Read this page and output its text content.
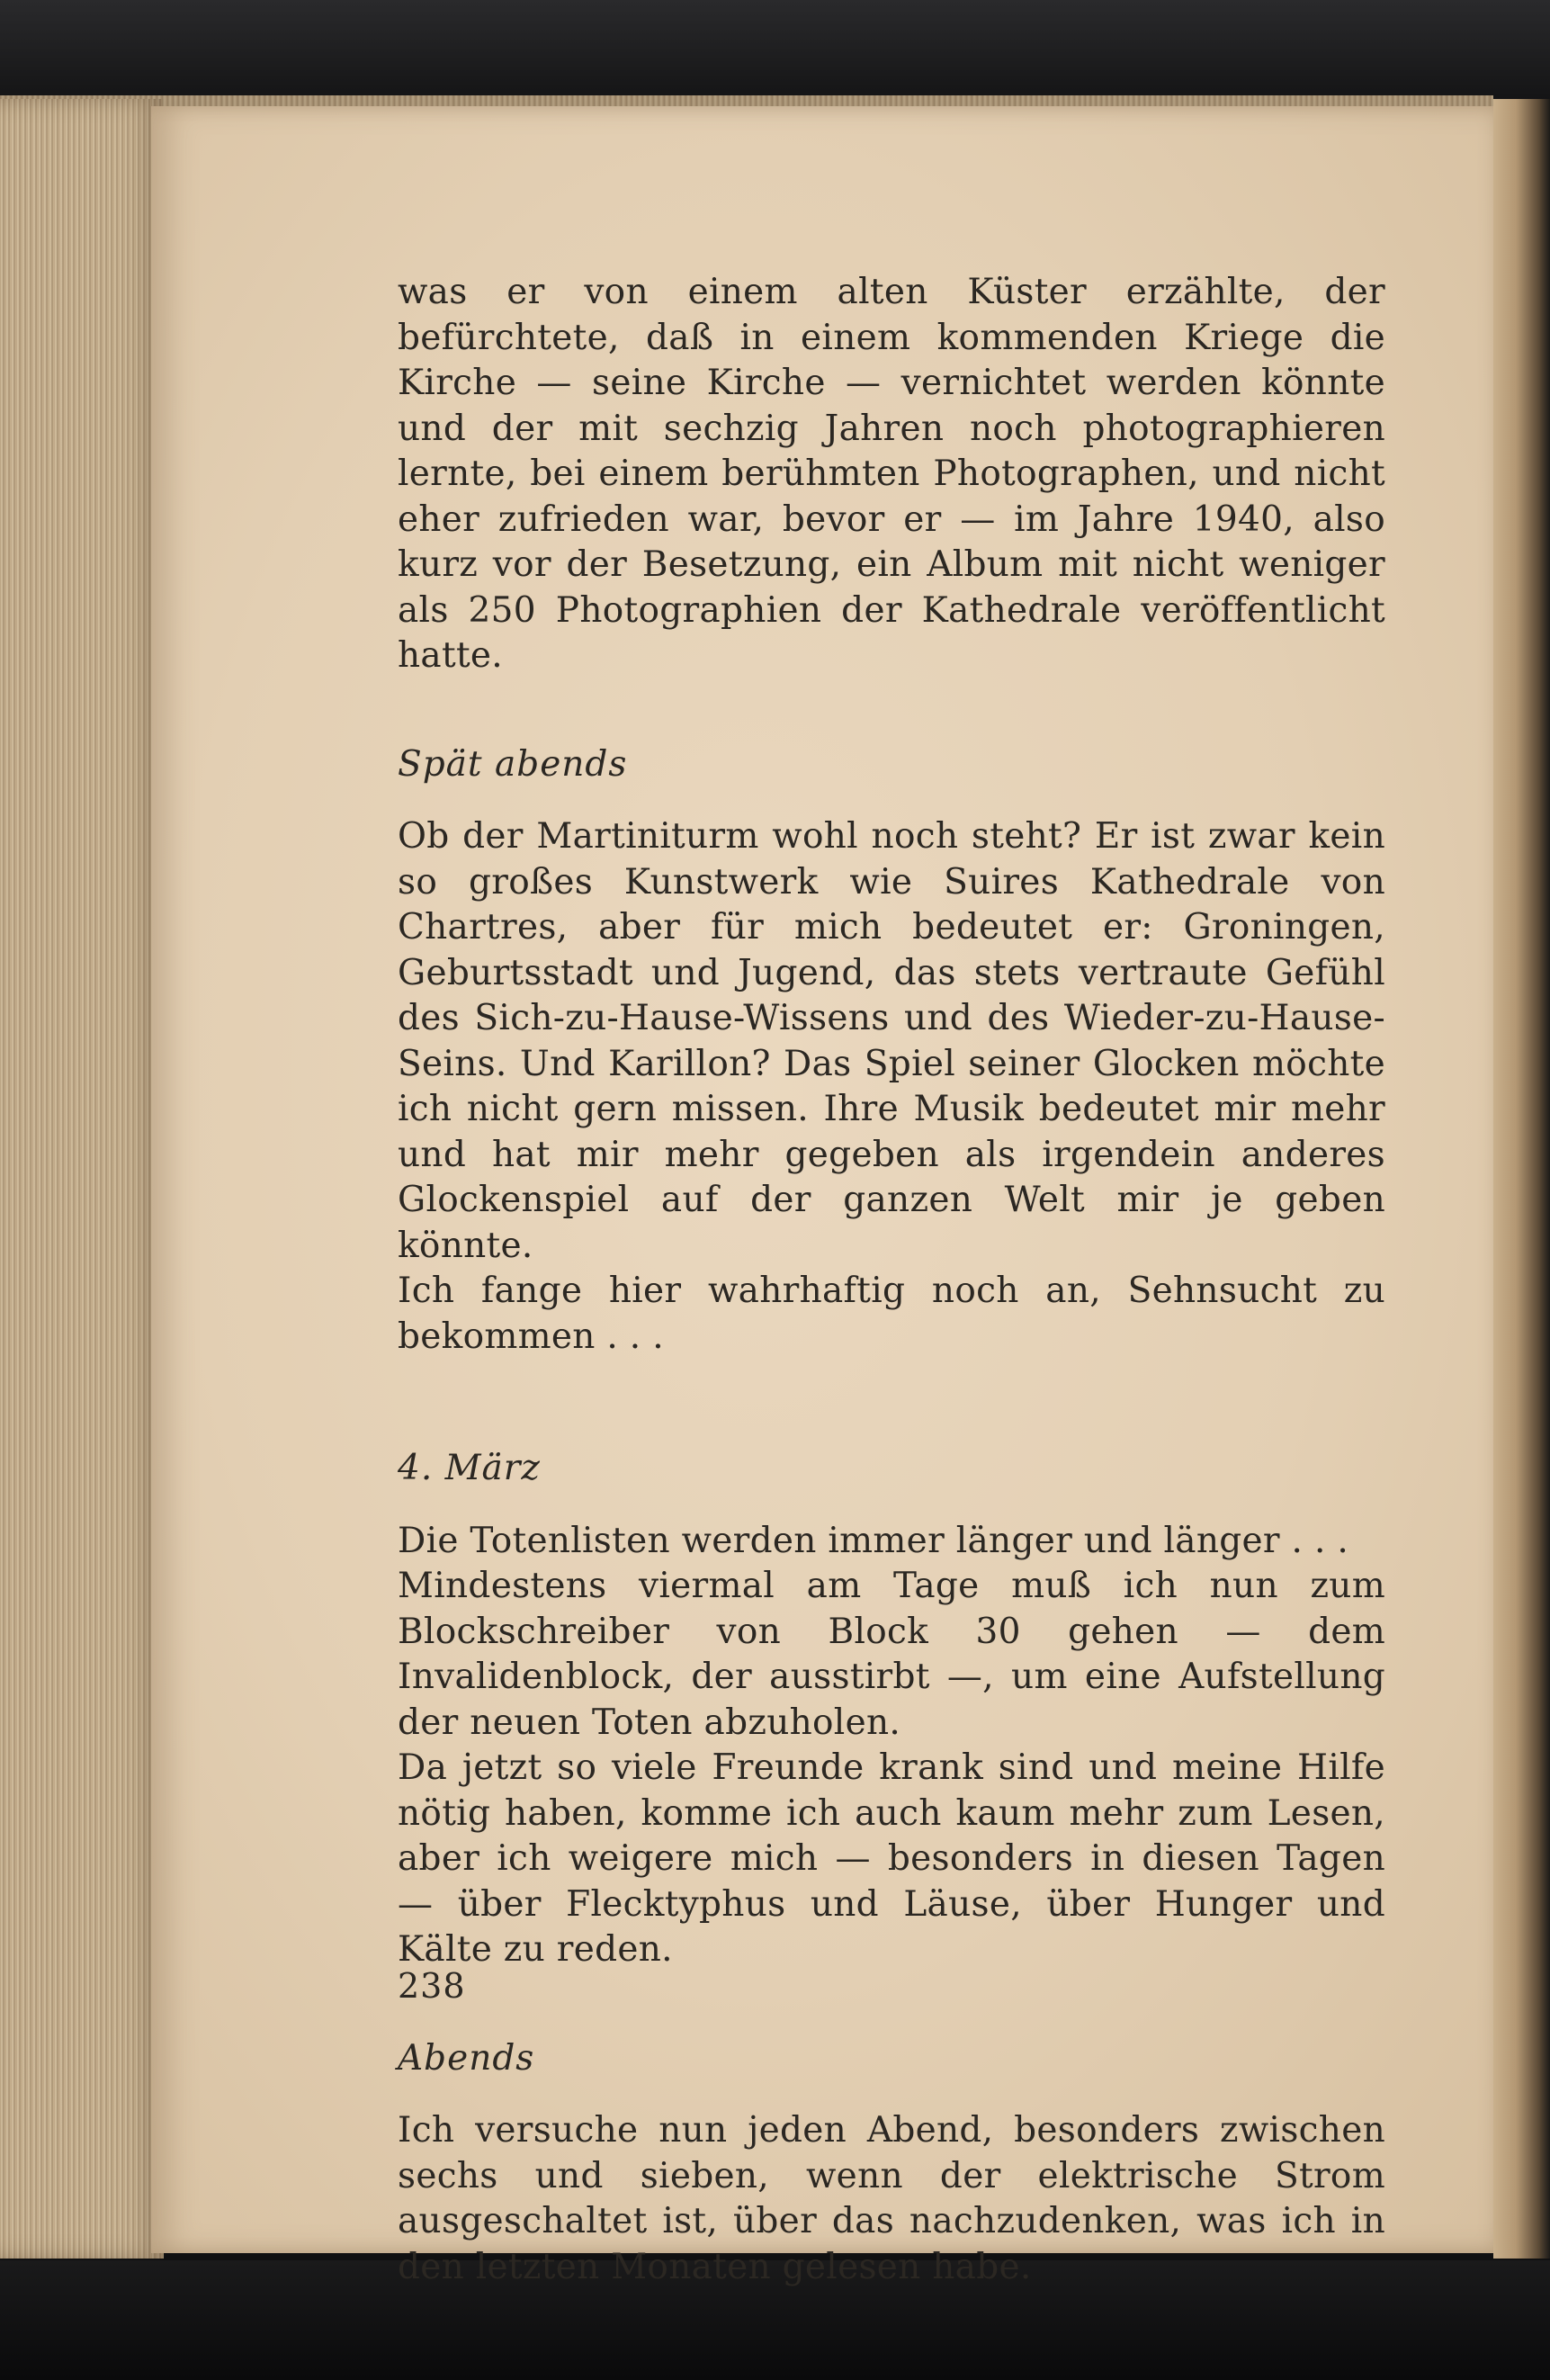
was er von einem alten Küster erzählte, der befürchtete, daß in einem kommenden Kriege die Kirche — seine Kirche — vernichtet werden könnte und der mit sechzig Jahren noch photographieren lernte, bei einem berühmten Photographen, und nicht eher zufrieden war, bevor er — im Jahre 1940, also kurz vor der Besetzung, ein Album mit nicht weniger als 250 Photographien der Kathedrale veröffentlicht hatte.

Spät abends

Ob der Martiniturm wohl noch steht? Er ist zwar kein so großes Kunstwerk wie Suires Kathedrale von Chartres, aber für mich bedeutet er: Groningen, Geburtsstadt und Jugend, das stets vertraute Gefühl des Sich-zu-Hause-Wissens und des Wieder-zu-Hause-Seins. Und Karillon? Das Spiel seiner Glocken möchte ich nicht gern missen. Ihre Musik bedeutet mir mehr und hat mir mehr gegeben als irgendein anderes Glockenspiel auf der ganzen Welt mir je geben könnte.

Ich fange hier wahrhaftig noch an, Sehnsucht zu bekommen . . .

4. März

Die Totenlisten werden immer länger und länger . . .

Mindestens viermal am Tage muß ich nun zum Blockschreiber von Block 30 gehen — dem Invalidenblock, der ausstirbt —, um eine Aufstellung der neuen Toten abzuholen.

Da jetzt so viele Freunde krank sind und meine Hilfe nötig haben, komme ich auch kaum mehr zum Lesen, aber ich weigere mich — besonders in diesen Tagen — über Flecktyphus und Läuse, über Hunger und Kälte zu reden.

Abends

Ich versuche nun jeden Abend, besonders zwischen sechs und sieben, wenn der elektrische Strom ausgeschaltet ist, über das nachzudenken, was ich in den letzten Monaten gelesen habe.

238
